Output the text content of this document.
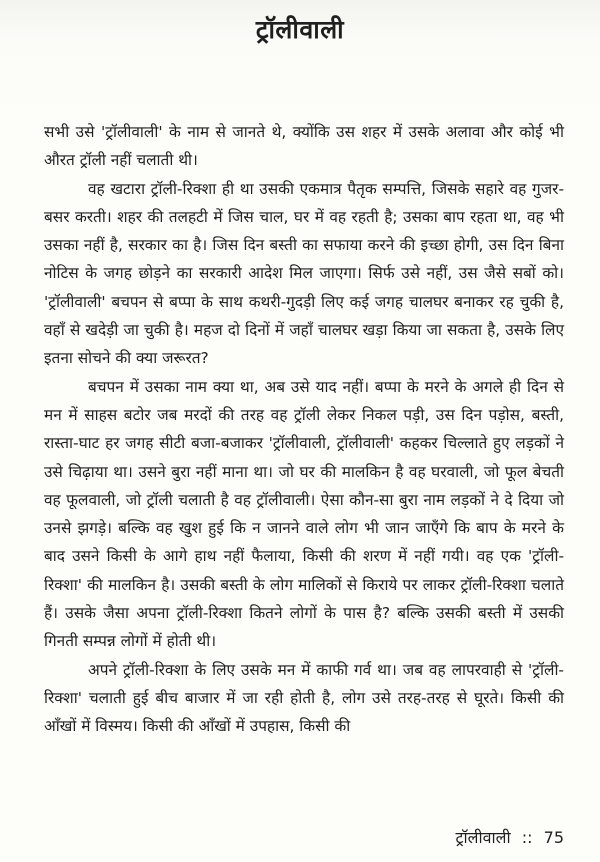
ट्रॉलीवाली

सभी उसे 'ट्रॉलीवाली' के नाम से जानते थे, क्योंकि उस शहर में उसके अलावा और कोई भी औरत ट्रॉली नहीं चलाती थी।

वह खटारा ट्रॉली-रिक्शा ही था उसकी एकमात्र पैतृक सम्पत्ति, जिसके सहारे वह गुजर-बसर करती। शहर की तलहटी में जिस चाल, घर में वह रहती है; उसका बाप रहता था, वह भी उसका नहीं है, सरकार का है। जिस दिन बस्ती का सफाया करने की इच्छा होगी, उस दिन बिना नोटिस के जगह छोड़ने का सरकारी आदेश मिल जाएगा। सिर्फ उसे नहीं, उस जैसे सबों को। 'ट्रॉलीवाली' बचपन से बप्पा के साथ कथरी-गुदड़ी लिए कई जगह चालघर बनाकर रह चुकी है, वहाँ से खदेड़ी जा चुकी है। महज दो दिनों में जहाँ चालघर खड़ा किया जा सकता है, उसके लिए इतना सोचने की क्या जरूरत?

बचपन में उसका नाम क्या था, अब उसे याद नहीं। बप्पा के मरने के अगले ही दिन से मन में साहस बटोर जब मरदों की तरह वह ट्रॉली लेकर निकल पड़ी, उस दिन पड़ोस, बस्ती, रास्ता-घाट हर जगह सीटी बजा-बजाकर 'ट्रॉलीवाली, ट्रॉलीवाली' कहकर चिल्लाते हुए लड़कों ने उसे चिढ़ाया था। उसने बुरा नहीं माना था। जो घर की मालकिन है वह घरवाली, जो फूल बेचती वह फूलवाली, जो ट्रॉली चलाती है वह ट्रॉलीवाली। ऐसा कौन-सा बुरा नाम लड़कों ने दे दिया जो उनसे झगड़े। बल्कि वह खुश हुई कि न जानने वाले लोग भी जान जाएँगे कि बाप के मरने के बाद उसने किसी के आगे हाथ नहीं फैलाया, किसी की शरण में नहीं गयी। वह एक 'ट्रॉली-रिक्शा' की मालकिन है। उसकी बस्ती के लोग मालिकों से किराये पर लाकर ट्रॉली-रिक्शा चलाते हैं। उसके जैसा अपना ट्रॉली-रिक्शा कितने लोगों के पास है? बल्कि उसकी बस्ती में उसकी गिनती सम्पन्न लोगों में होती थी।

अपने ट्रॉली-रिक्शा के लिए उसके मन में काफी गर्व था। जब वह लापरवाही से 'ट्रॉली-रिक्शा' चलाती हुई बीच बाजार में जा रही होती है, लोग उसे तरह-तरह से घूरते। किसी की आँखों में विस्मय। किसी की आँखों में उपहास, किसी की

ट्रॉलीवाली :: 75
